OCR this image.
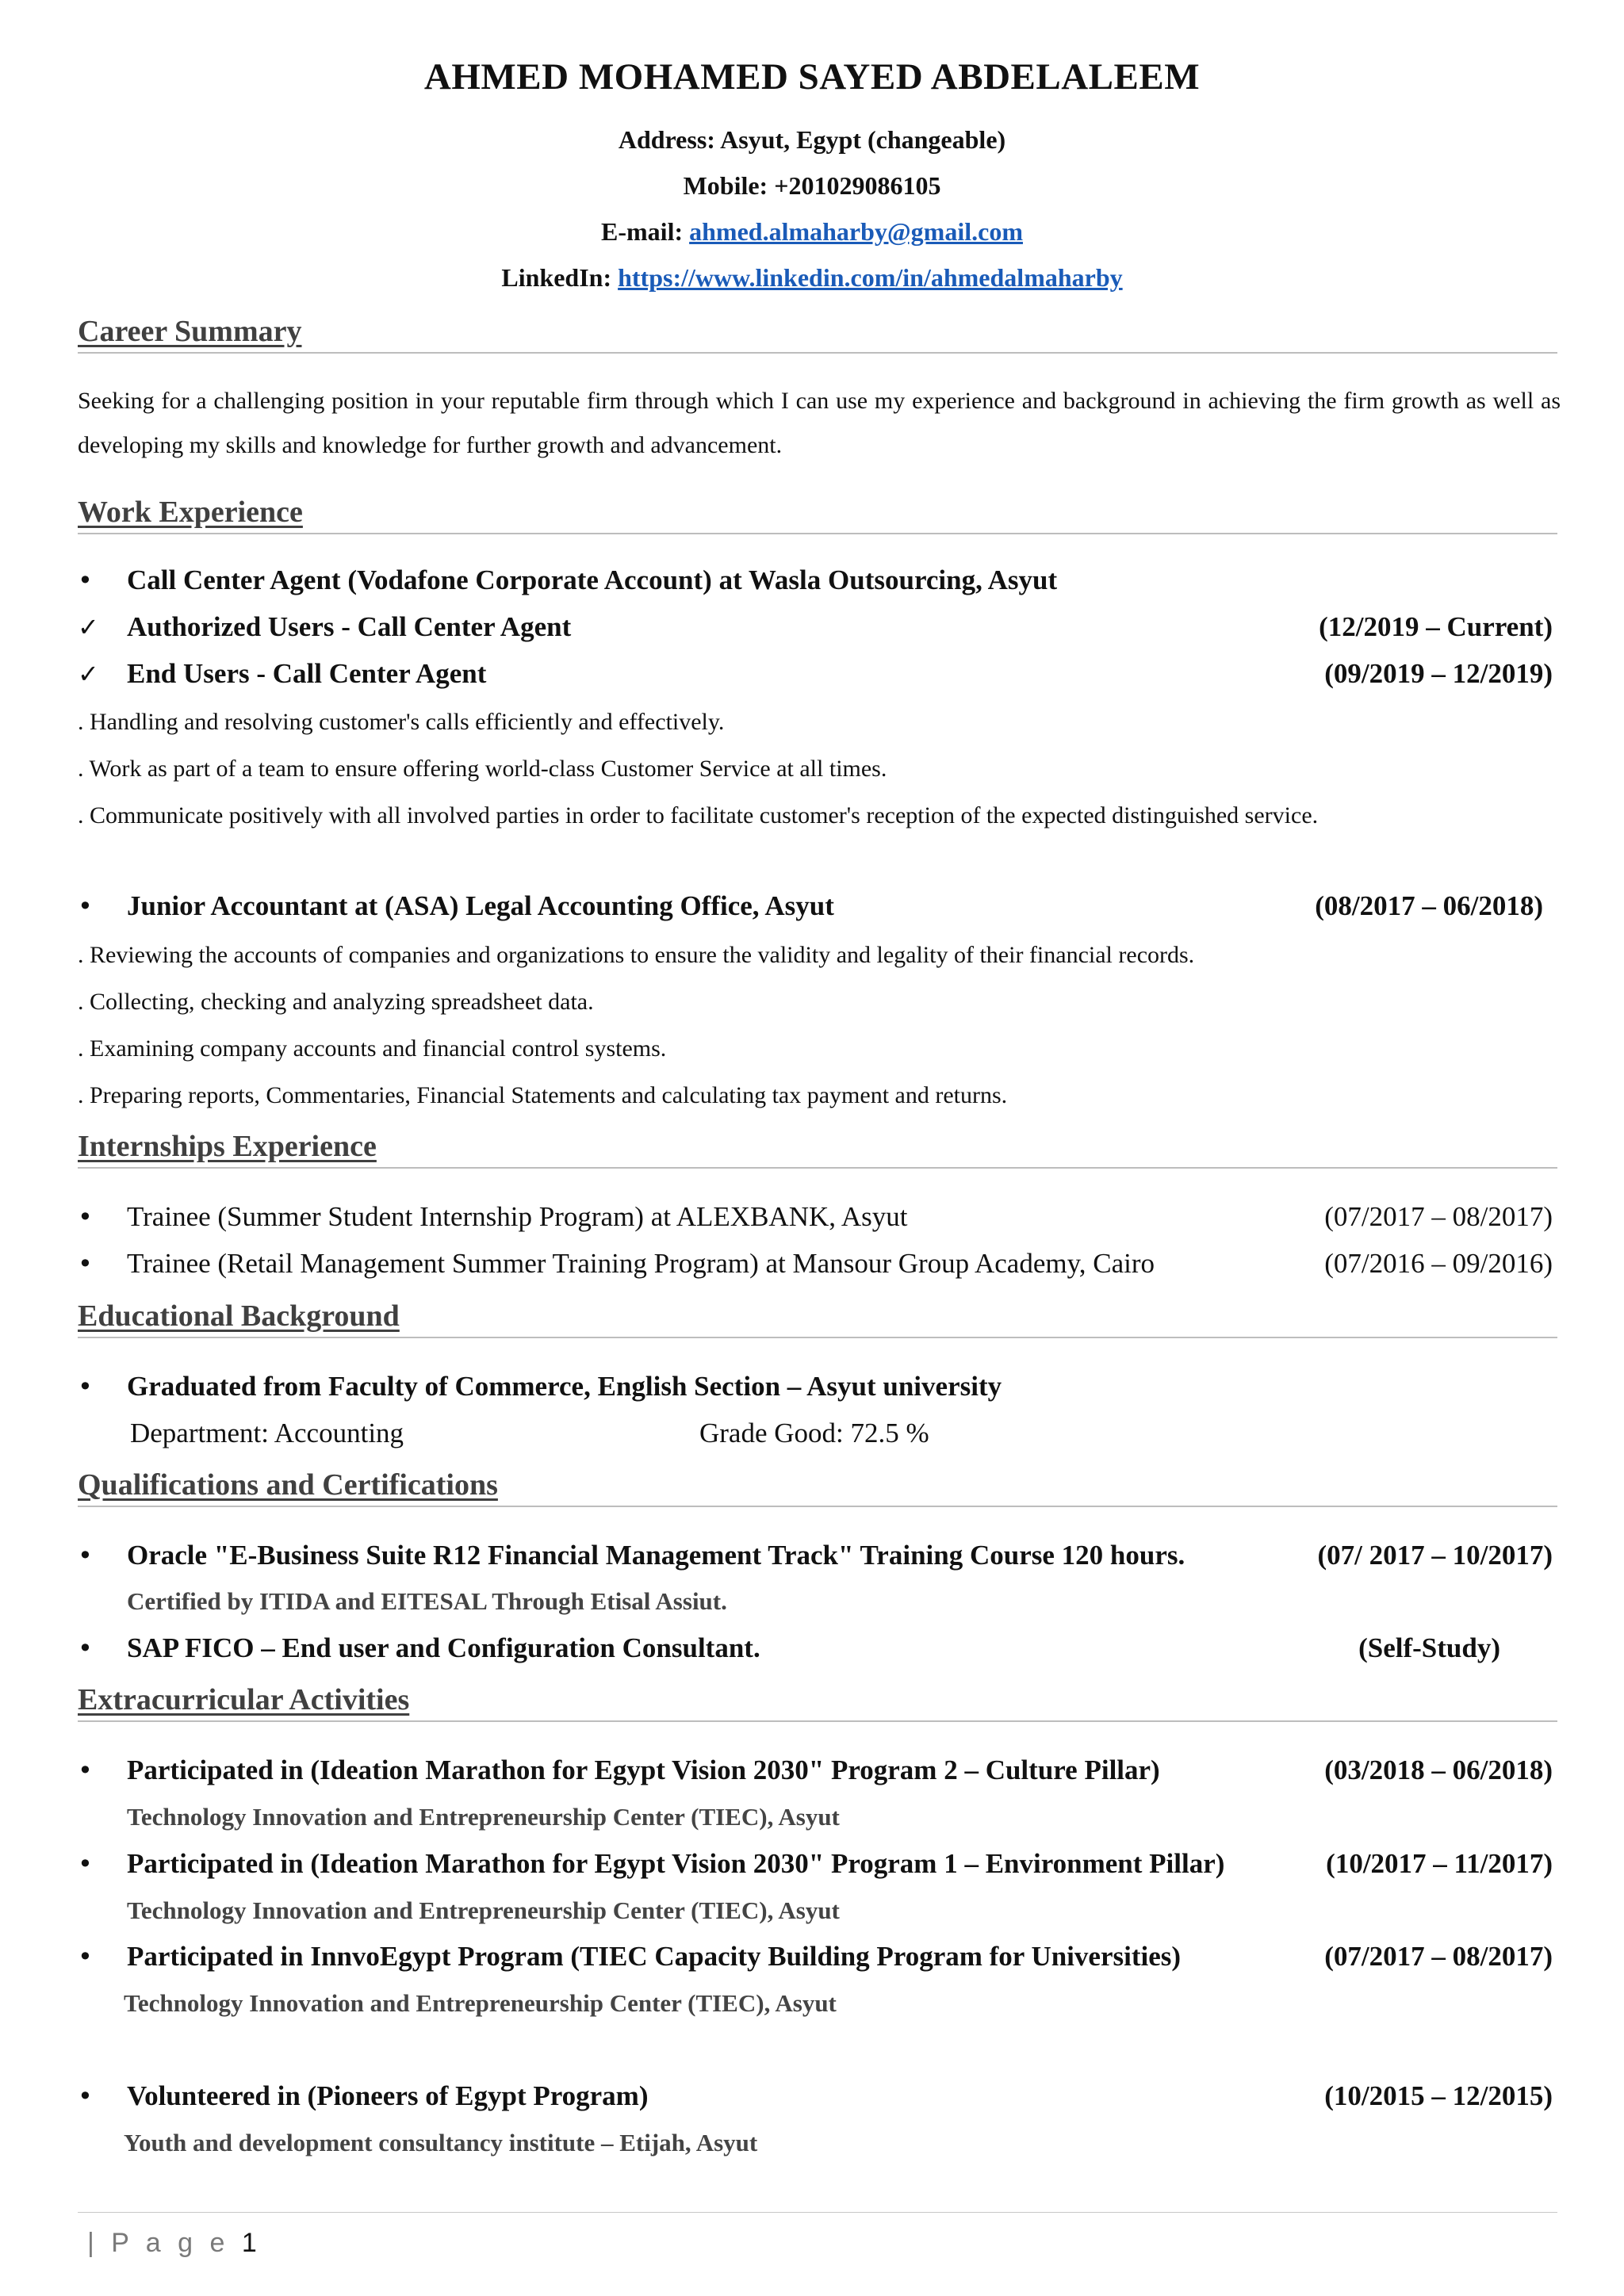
AHMED MOHAMED SAYED ABDELALEEM
Address: Asyut, Egypt (changeable)
Mobile: +201029086105
E-mail: ahmed.almaharby@gmail.com
LinkedIn: https://www.linkedin.com/in/ahmedalmaharby
Career Summary
Seeking for a challenging position in your reputable firm through which I can use my experience and background in achieving the firm growth as well as developing my skills and knowledge for further growth and advancement.
Work Experience
•	Call Center Agent (Vodafone Corporate Account) at Wasla Outsourcing, Asyut
✓	Authorized Users - Call Center Agent	(12/2019 – Current)
✓	End Users - Call Center Agent	(09/2019 – 12/2019)
. Handling and resolving customer's calls efficiently and effectively.
. Work as part of a team to ensure offering world-class Customer Service at all times.
. Communicate positively with all involved parties in order to facilitate customer's reception of the expected distinguished service.
•	Junior Accountant at (ASA) Legal Accounting Office, Asyut	(08/2017 – 06/2018)
. Reviewing the accounts of companies and organizations to ensure the validity and legality of their financial records.
. Collecting, checking and analyzing spreadsheet data.
. Examining company accounts and financial control systems.
. Preparing reports, Commentaries, Financial Statements and calculating tax payment and returns.
Internships Experience
•	Trainee (Summer Student Internship Program) at ALEXBANK, Asyut	(07/2017 – 08/2017)
•	Trainee (Retail Management Summer Training Program) at Mansour Group Academy, Cairo	(07/2016 – 09/2016)
Educational Background
•	Graduated from Faculty of Commerce, English Section – Asyut university
Department: Accounting	Grade Good: 72.5 %
Qualifications and Certifications
•	Oracle "E-Business Suite R12 Financial Management Track" Training Course 120 hours.	(07/ 2017 – 10/2017)
Certified by ITIDA and EITESAL Through Etisal Assiut.
•	SAP FICO – End user and Configuration Consultant.	(Self-Study)
Extracurricular Activities
•	Participated in (Ideation Marathon for Egypt Vision 2030" Program 2 – Culture Pillar)	(03/2018 – 06/2018)
Technology Innovation and Entrepreneurship Center (TIEC), Asyut
•	Participated in (Ideation Marathon for Egypt Vision 2030" Program 1 – Environment Pillar)	(10/2017 – 11/2017)
Technology Innovation and Entrepreneurship Center (TIEC), Asyut
•	Participated in InnvoEgypt Program (TIEC Capacity Building Program for Universities)	(07/2017 – 08/2017)
Technology Innovation and Entrepreneurship Center (TIEC), Asyut
•	Volunteered in (Pioneers of Egypt Program)	(10/2015 – 12/2015)
Youth and development consultancy institute – Etijah, Asyut
| P a g e 1
